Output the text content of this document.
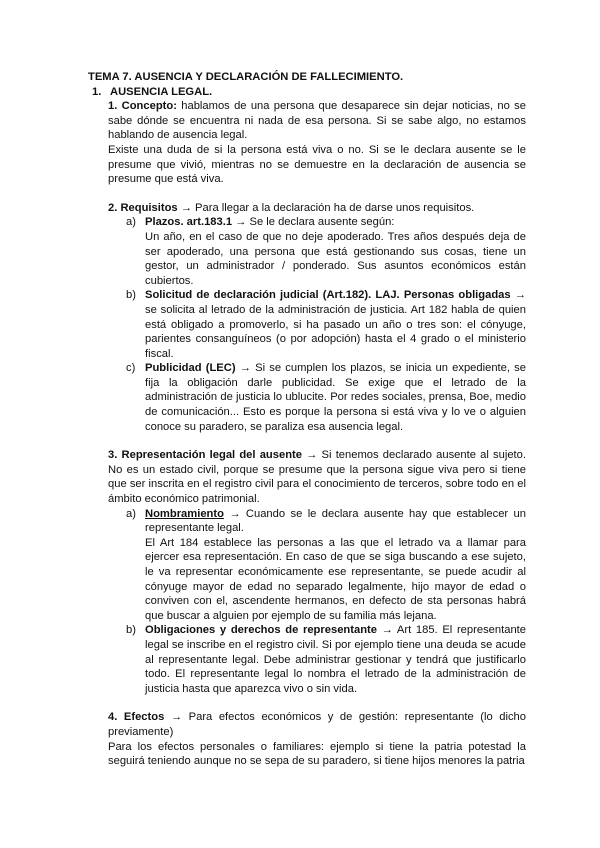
TEMA 7. AUSENCIA Y DECLARACIÓN DE FALLECIMIENTO.

1. AUSENCIA LEGAL.

1. Concepto: hablamos de una persona que desaparece sin dejar noticias, no se sabe dónde se encuentra ni nada de esa persona. Si se sabe algo, no estamos hablando de ausencia legal.

Existe una duda de si la persona está viva o no. Si se le declara ausente se le presume que vivió, mientras no se demuestre en la declaración de ausencia se presume que está viva.

2. Requisitos → Para llegar a la declaración ha de darse unos requisitos.

a) Plazos. art.183.1 → Se le declara ausente según:

Un año, en el caso de que no deje apoderado. Tres años después deja de ser apoderado, una persona que está gestionando sus cosas, tiene un gestor, un administrador / ponderado. Sus asuntos económicos están cubiertos.

b) Solicitud de declaración judicial (Art.182). LAJ. Personas obligadas → se solicita al letrado de la administración de justicia. Art 182 habla de quien está obligado a promoverlo, si ha pasado un año o tres son: el cónyuge, parientes consanguíneos (o por adopción) hasta el 4 grado o el ministerio fiscal.

c) Publicidad (LEC) → Si se cumplen los plazos, se inicia un expediente, se fija la obligación darle publicidad. Se exige que el letrado de la administración de justicia lo ublucite. Por redes sociales, prensa, Boe, medio de comunicación... Esto es porque la persona si está viva y lo ve o alguien conoce su paradero, se paraliza esa ausencia legal.

3. Representación legal del ausente → Si tenemos declarado ausente al sujeto. No es un estado civil, porque se presume que la persona sigue viva pero si tiene que ser inscrita en el registro civil para el conocimiento de terceros, sobre todo en el ámbito económico patrimonial.

a) Nombramiento → Cuando se le declara ausente hay que establecer un representante legal.

El Art 184 establece las personas a las que el letrado va a llamar para ejercer esa representación. En caso de que se siga buscando a ese sujeto, le va representar económicamente ese representante, se puede acudir al cónyuge mayor de edad no separado legalmente, hijo mayor de edad o conviven con el, ascendente hermanos, en defecto de sta personas habrá que buscar a alguien por ejemplo de su familia más lejana.

b) Obligaciones y derechos de representante → Art 185. El representante legal se inscribe en el registro civil. Si por ejemplo tiene una deuda se acude al representante legal. Debe administrar gestionar y tendrá que justificarlo todo. El representante legal lo nombra el letrado de la administración de justicia hasta que aparezca vivo o sin vida.

4. Efectos → Para efectos económicos y de gestión: representante (lo dicho previamente)

Para los efectos personales o familiares: ejemplo si tiene la patria potestad la seguirá teniendo aunque no se sepa de su paradero, si tiene hijos menores la patria
